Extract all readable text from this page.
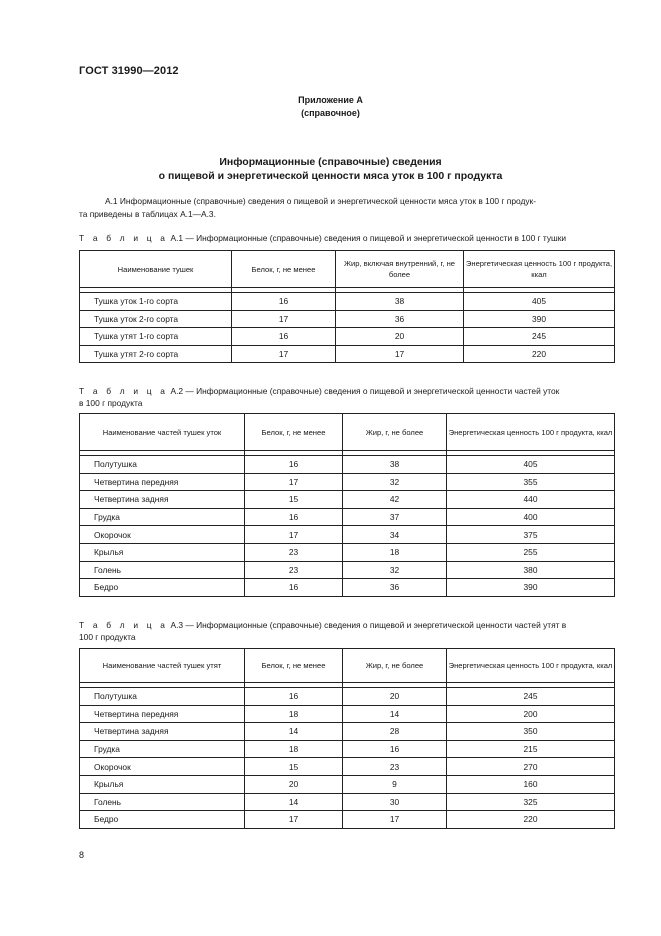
ГОСТ 31990—2012
Приложение А
(справочное)
Информационные (справочные) сведения
о пищевой и энергетической ценности мяса уток в 100 г продукта
А.1 Информационные (справочные) сведения о пищевой и энергетической ценности мяса уток в 100 г продук-
та приведены в таблицах А.1—А.3.
Т а б л и ц а А.1 — Информационные (справочные) сведения о пищевой и энергетической ценности в 100 г тушки
Наименование тушек	Белок, г, не менее	Жир, включая внутренний, г, не более	Энергетическая ценность 100 г продукта, ккал

Тушка уток 1-го сорта	16	38	405
Тушка уток 2-го сорта	17	36	390
Тушка утят 1-го сорта	16	20	245
Тушка утят 2-го сорта	17	17	220
Т а б л и ц а А.2 — Информационные (справочные) сведения о пищевой и энергетической ценности частей уток
в 100 г продукта
Наименование частей тушек уток	Белок, г, не менее	Жир, г, не более	Энергетическая ценность 100 г продукта, ккал

Полутушка	16	38	405
Четвертина передняя	17	32	355
Четвертина задняя	15	42	440
Грудка	16	37	400
Окорочок	17	34	375
Крылья	23	18	255
Голень	23	32	380
Бедро	16	36	390
Т а б л и ц а А.3 — Информационные (справочные) сведения о пищевой и энергетической ценности частей утят в
100 г продукта
Наименование частей тушек утят	Белок, г, не менее	Жир, г, не более	Энергетическая ценность 100 г продукта, ккал

Полутушка	16	20	245
Четвертина передняя	18	14	200
Четвертина задняя	14	28	350
Грудка	18	16	215
Окорочок	15	23	270
Крылья	20	9	160
Голень	14	30	325
Бедро	17	17	220
8
